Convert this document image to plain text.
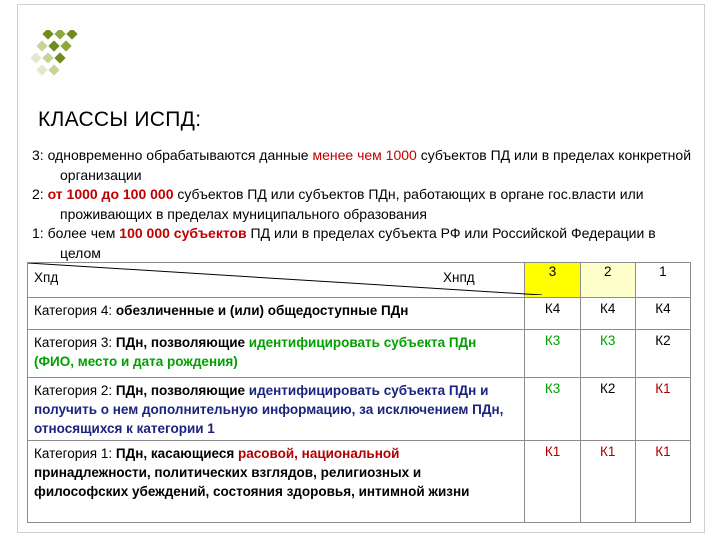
КЛАССЫ ИСПД:

3: одновременно обрабатываются данные менее чем 1000 субъектов ПД или в пределах конкретной организации

2: от 1000 до 100 000 субъектов ПД или субъектов ПДн, работающих в органе гос.власти или проживающих в пределах муниципального образования

1: более чем 100 000 субъектов ПД или в пределах субъекта РФ или Российской Федерации в целом

Хпд Хнпд	3	2	1
Категория 4: обезличенные и (или) общедоступные ПДн	К4	К4	К4
Категория 3: ПДн, позволяющие идентифицировать субъекта ПДн (ФИО, место и дата рождения)	К3	К3	К2
Категория 2: ПДн, позволяющие идентифицировать субъекта ПДн и получить о нем дополнительную информацию, за исключением ПДн, относящихся к категории 1	К3	К2	К1
Категория 1: ПДн, касающиеся расовой, национальной принадлежности, политических взглядов, религиозных и философских убеждений, состояния здоровья, интимной жизни	К1	К1	К1
